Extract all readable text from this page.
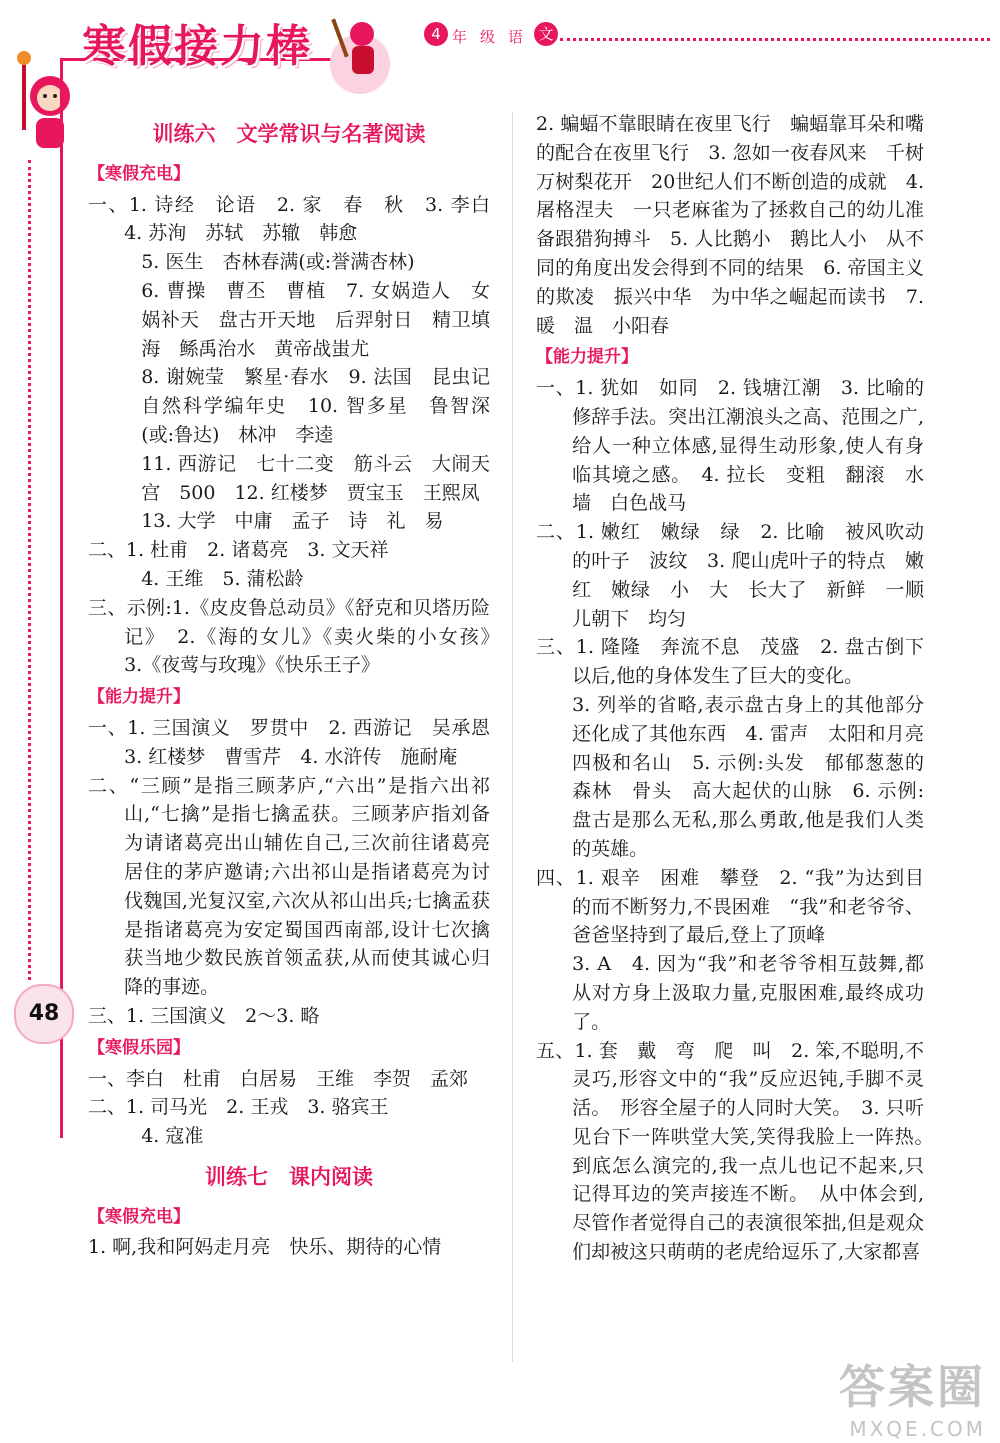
寒假接力棒	4 年 级 语 文
48
训练六　文学常识与名著阅读
【寒假充电】

一、1. 诗经　论语　2. 家　春　秋　3. 李白　4. 苏洵　苏轼　苏辙　韩愈

5. 医生　杏林春满(或:誉满杏林)

6. 曹操　曹丕　曹植　7. 女娲造人　女娲补天　盘古开天地　后羿射日　精卫填海　鲧禹治水　黄帝战蚩尤

8. 谢婉莹　繁星·春水　9. 法国　昆虫记　自然科学编年史　10. 智多星　鲁智深(或:鲁达)　林冲　李逵

11. 西游记　七十二变　筋斗云　大闹天宫　500　12. 红楼梦　贾宝玉　王熙凤

13. 大学　中庸　孟子　诗　礼　易

二、1. 杜甫　2. 诸葛亮　3. 文天祥

4. 王维　5. 蒲松龄

三、示例:1.《皮皮鲁总动员》《舒克和贝塔历险记》　2.《海的女儿》《卖火柴的小女孩》　3.《夜莺与玫瑰》《快乐王子》

【能力提升】

一、1. 三国演义　罗贯中　2. 西游记　吴承恩　3. 红楼梦　曹雪芹　4. 水浒传　施耐庵

二、“三顾”是指三顾茅庐,“六出”是指六出祁山,“七擒”是指七擒孟获。三顾茅庐指刘备为请诸葛亮出山辅佐自己,三次前往诸葛亮居住的茅庐邀请;六出祁山是指诸葛亮为讨伐魏国,光复汉室,六次从祁山出兵;七擒孟获是指诸葛亮为安定蜀国西南部,设计七次擒获当地少数民族首领孟获,从而使其诚心归降的事迹。

三、1. 三国演义　2～3. 略

【寒假乐园】

一、李白　杜甫　白居易　王维　李贺　孟郊

二、1. 司马光　2. 王戎　3. 骆宾王

4. 寇准

训练七　课内阅读
【寒假充电】

1. 啊,我和阿妈走月亮　快乐、期待的心情

2. 蝙蝠不靠眼睛在夜里飞行　蝙蝠靠耳朵和嘴的配合在夜里飞行　3. 忽如一夜春风来　千树万树梨花开　20世纪人们不断创造的成就　4. 屠格涅夫　一只老麻雀为了拯救自己的幼儿准备跟猎狗搏斗　5. 人比鹅小　鹅比人小　从不同的角度出发会得到不同的结果　6. 帝国主义的欺凌　振兴中华　为中华之崛起而读书　7. 暖　温　小阳春

【能力提升】

一、1. 犹如　如同　2. 钱塘江潮　3. 比喻的修辞手法。突出江潮浪头之高、范围之广,给人一种立体感,显得生动形象,使人有身临其境之感。　4. 拉长　变粗　翻滚　水墙　白色战马

二、1. 嫩红　嫩绿　绿　2. 比喻　被风吹动的叶子　波纹　3. 爬山虎叶子的特点　嫩红　嫩绿　小　大　长大了　新鲜　一顺儿朝下　均匀

三、1. 隆隆　奔流不息　茂盛　2. 盘古倒下以后,他的身体发生了巨大的变化。

3. 列举的省略,表示盘古身上的其他部分还化成了其他东西　4. 雷声　太阳和月亮　四极和名山　5. 示例:头发　郁郁葱葱的森林　骨头　高大起伏的山脉　6. 示例:盘古是那么无私,那么勇敢,他是我们人类的英雄。

四、1. 艰辛　困难　攀登　2. “我”为达到目的而不断努力,不畏困难　“我”和老爷爷、爸爸坚持到了最后,登上了顶峰

3. A　4. 因为“我”和老爷爷相互鼓舞,都从对方身上汲取力量,克服困难,最终成功了。

五、1. 套　戴　弯　爬　叫　2. 笨,不聪明,不灵巧,形容文中的“我”反应迟钝,手脚不灵活。　形容全屋子的人同时大笑。　3. 只听见台下一阵哄堂大笑,笑得我脸上一阵热。　到底怎么演完的,我一点儿也记不起来,只记得耳边的笑声接连不断。　从中体会到,尽管作者觉得自己的表演很笨拙,但是观众们却被这只萌萌的老虎给逗乐了,大家都喜

答案圈
MXQE.COM
